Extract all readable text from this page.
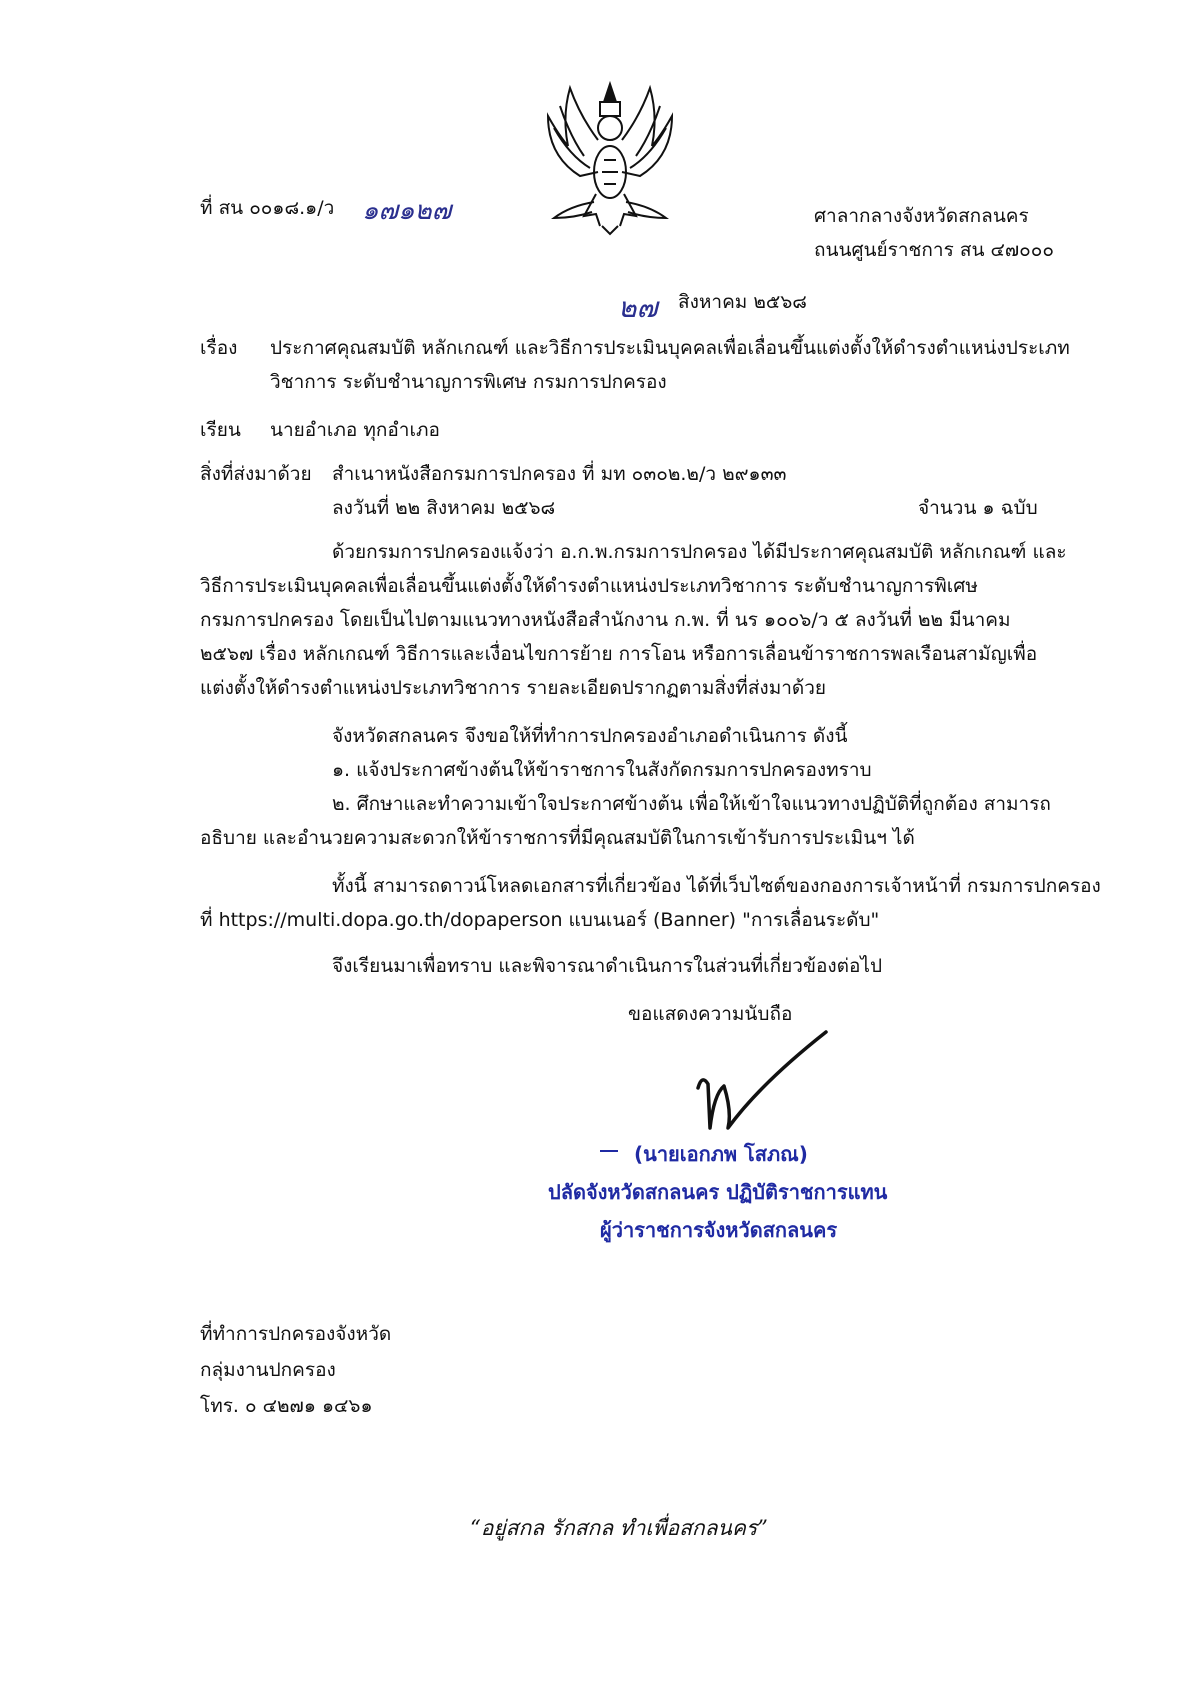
ที่ สน ๐๐๑๘.๑/ว ๑๗๑๒๗	ศาลากลางจังหวัดสกลนคร
ถนนศูนย์ราชการ สน ๔๗๐๐๐
๒๗ สิงหาคม ๒๕๖๘
เรื่อง ประกาศคุณสมบัติ หลักเกณฑ์ และวิธีการประเมินบุคคลเพื่อเลื่อนขึ้นแต่งตั้งให้ดำรงตำแหน่งประเภท
วิชาการ ระดับชำนาญการพิเศษ กรมการปกครอง
เรียน นายอำเภอ ทุกอำเภอ
สิ่งที่ส่งมาด้วย สำเนาหนังสือกรมการปกครอง ที่ มท ๐๓๐๒.๒/ว ๒๙๑๓๓
ลงวันที่ ๒๒ สิงหาคม ๒๕๖๘	จำนวน ๑ ฉบับ
ด้วยกรมการปกครองแจ้งว่า อ.ก.พ.กรมการปกครอง ได้มีประกาศคุณสมบัติ หลักเกณฑ์ และ
วิธีการประเมินบุคคลเพื่อเลื่อนขึ้นแต่งตั้งให้ดำรงตำแหน่งประเภทวิชาการ ระดับชำนาญการพิเศษ
กรมการปกครอง โดยเป็นไปตามแนวทางหนังสือสำนักงาน ก.พ. ที่ นร ๑๐๐๖/ว ๕ ลงวันที่ ๒๒ มีนาคม
๒๕๖๗ เรื่อง หลักเกณฑ์ วิธีการและเงื่อนไขการย้าย การโอน หรือการเลื่อนข้าราชการพลเรือนสามัญเพื่อ
แต่งตั้งให้ดำรงตำแหน่งประเภทวิชาการ รายละเอียดปรากฏตามสิ่งที่ส่งมาด้วย
จังหวัดสกลนคร จึงขอให้ที่ทำการปกครองอำเภอดำเนินการ ดังนี้
๑. แจ้งประกาศข้างต้นให้ข้าราชการในสังกัดกรมการปกครองทราบ
๒. ศึกษาและทำความเข้าใจประกาศข้างต้น เพื่อให้เข้าใจแนวทางปฏิบัติที่ถูกต้อง สามารถ
อธิบาย และอำนวยความสะดวกให้ข้าราชการที่มีคุณสมบัติในการเข้ารับการประเมินฯ ได้
ทั้งนี้ สามารถดาวน์โหลดเอกสารที่เกี่ยวข้อง ได้ที่เว็บไซต์ของกองการเจ้าหน้าที่ กรมการปกครอง
ที่ https://multi.dopa.go.th/dopaperson แบนเนอร์ (Banner) "การเลื่อนระดับ"
จึงเรียนมาเพื่อทราบ และพิจารณาดำเนินการในส่วนที่เกี่ยวข้องต่อไป
ขอแสดงความนับถือ
(นายเอกภพ โสภณ)
ปลัดจังหวัดสกลนคร ปฏิบัติราชการแทน
ผู้ว่าราชการจังหวัดสกลนคร
ที่ทำการปกครองจังหวัด
กลุ่มงานปกครอง
โทร. ๐ ๔๒๗๑ ๑๔๖๑
“อยู่สกล รักสกล ทำเพื่อสกลนคร”
